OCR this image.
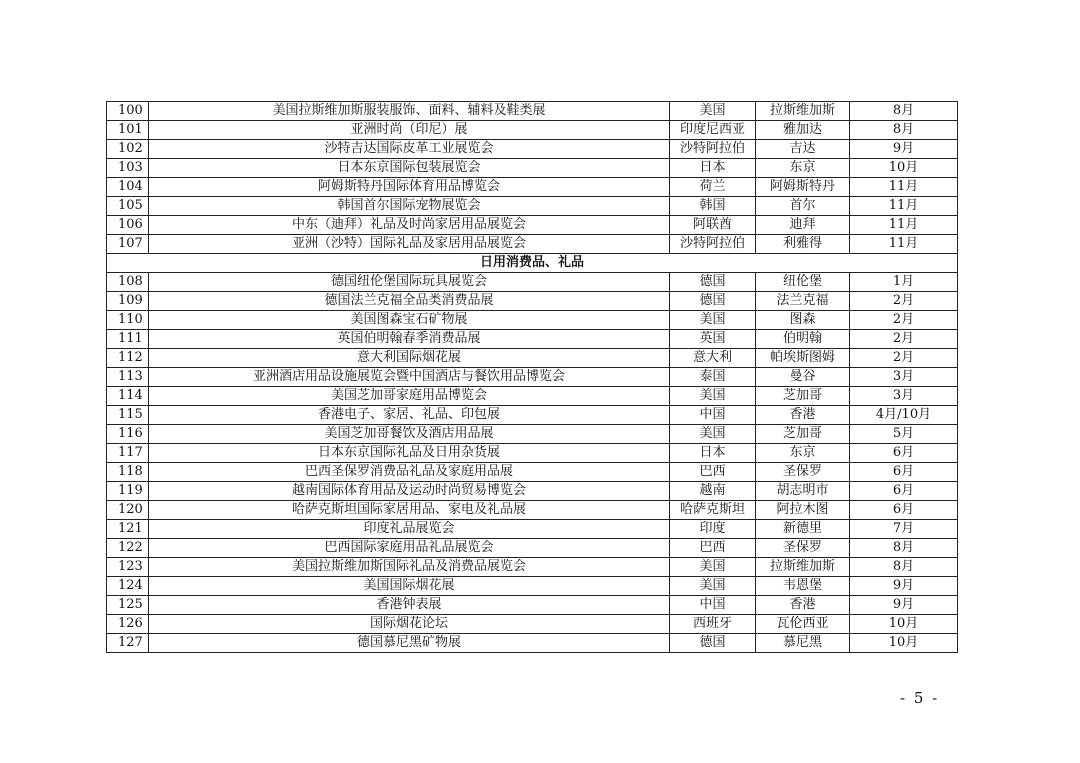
100	美国拉斯维加斯服装服饰、面料、辅料及鞋类展	美国	拉斯维加斯	8月
101	亚洲时尚（印尼）展	印度尼西亚	雅加达	8月
102	沙特吉达国际皮革工业展览会	沙特阿拉伯	吉达	9月
103	日本东京国际包装展览会	日本	东京	10月
104	阿姆斯特丹国际体育用品博览会	荷兰	阿姆斯特丹	11月
105	韩国首尔国际宠物展览会	韩国	首尔	11月
106	中东（迪拜）礼品及时尚家居用品展览会	阿联酋	迪拜	11月
107	亚洲（沙特）国际礼品及家居用品展览会	沙特阿拉伯	利雅得	11月
日用消费品、礼品				
108	德国纽伦堡国际玩具展览会	德国	纽伦堡	1月
109	德国法兰克福全品类消费品展	德国	法兰克福	2月
110	美国图森宝石矿物展	美国	图森	2月
111	英国伯明翰春季消费品展	英国	伯明翰	2月
112	意大利国际烟花展	意大利	帕埃斯图姆	2月
113	亚洲酒店用品设施展览会暨中国酒店与餐饮用品博览会	泰国	曼谷	3月
114	美国芝加哥家庭用品博览会	美国	芝加哥	3月
115	香港电子、家居、礼品、印包展	中国	香港	4月/10月
116	美国芝加哥餐饮及酒店用品展	美国	芝加哥	5月
117	日本东京国际礼品及日用杂货展	日本	东京	6月
118	巴西圣保罗消费品礼品及家庭用品展	巴西	圣保罗	6月
119	越南国际体育用品及运动时尚贸易博览会	越南	胡志明市	6月
120	哈萨克斯坦国际家居用品、家电及礼品展	哈萨克斯坦	阿拉木图	6月
121	印度礼品展览会	印度	新德里	7月
122	巴西国际家庭用品礼品展览会	巴西	圣保罗	8月
123	美国拉斯维加斯国际礼品及消费品展览会	美国	拉斯维加斯	8月
124	美国国际烟花展	美国	韦恩堡	9月
125	香港钟表展	中国	香港	9月
126	国际烟花论坛	西班牙	瓦伦西亚	10月
127	德国慕尼黑矿物展	德国	慕尼黑	10月
- 5 -
